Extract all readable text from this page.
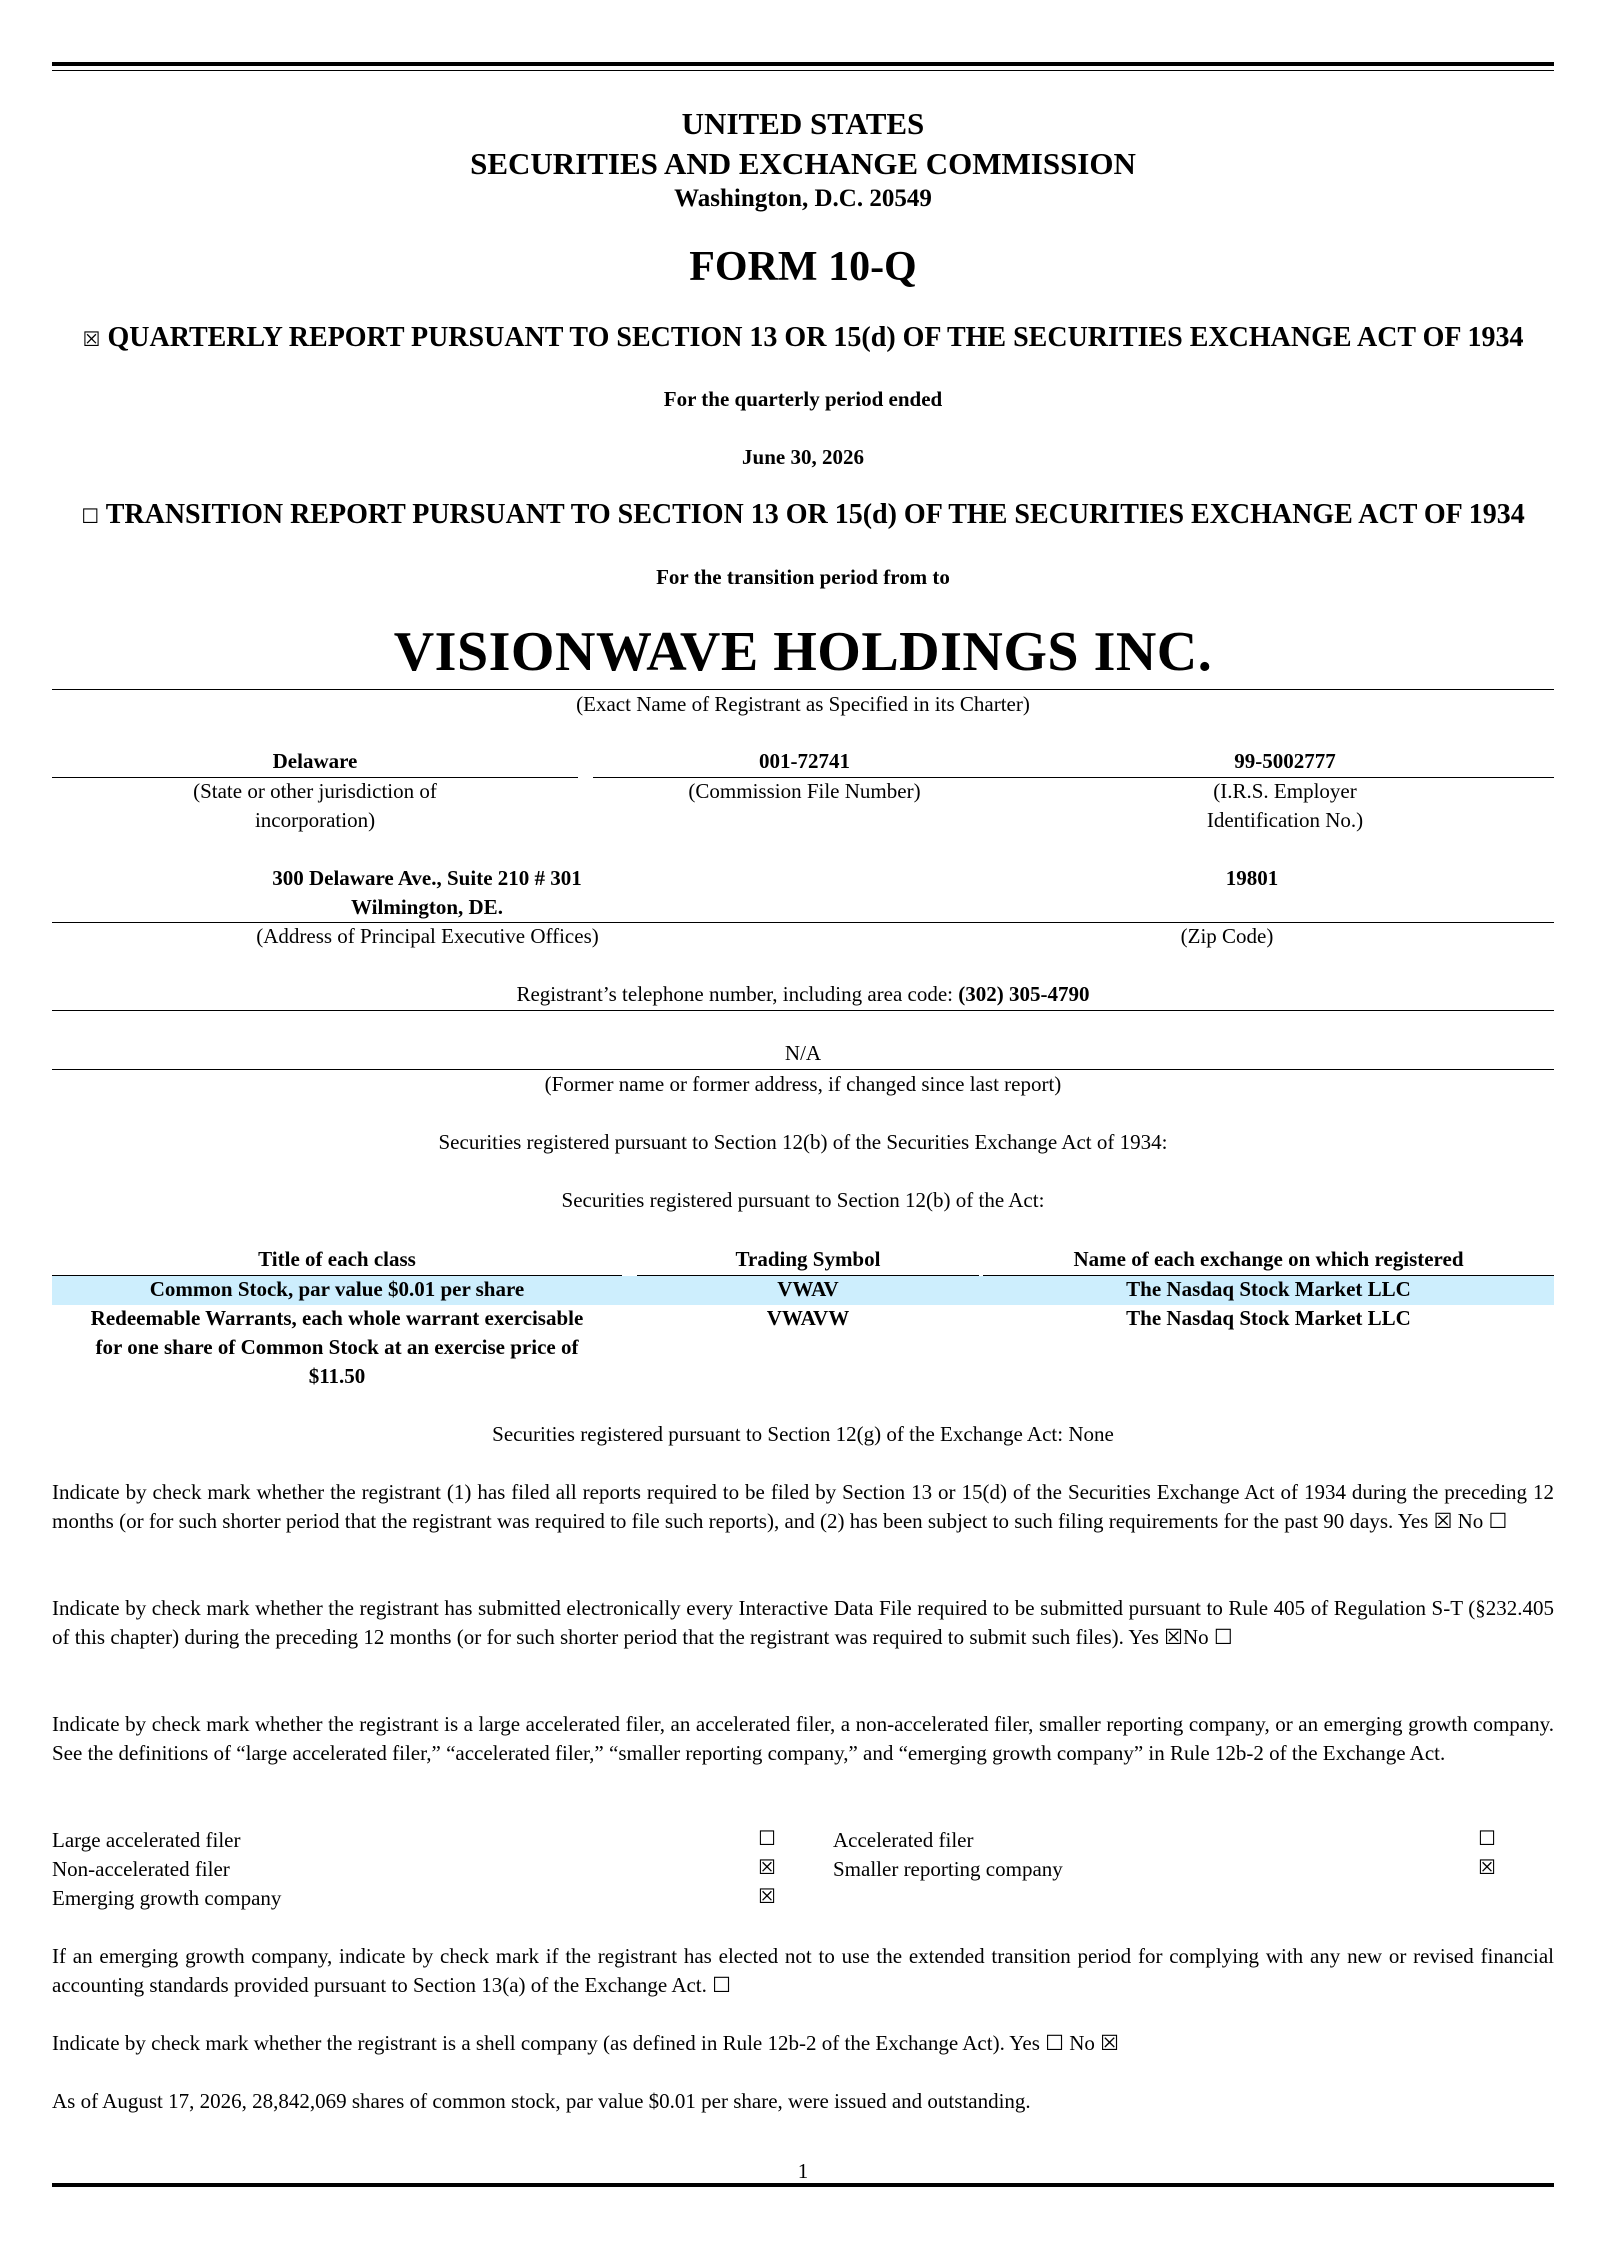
UNITED STATES
SECURITIES AND EXCHANGE COMMISSION
Washington, D.C. 20549
FORM 10-Q
☒ QUARTERLY REPORT PURSUANT TO SECTION 13 OR 15(d) OF THE SECURITIES EXCHANGE ACT OF 1934
For the quarterly period ended
June 30, 2026
☐ TRANSITION REPORT PURSUANT TO SECTION 13 OR 15(d) OF THE SECURITIES EXCHANGE ACT OF 1934
For the transition period from to
VISIONWAVE HOLDINGS INC.
(Exact Name of Registrant as Specified in its Charter)
Delaware
(State or other jurisdiction of
incorporation)
001-72741
(Commission File Number)
99-5002777
(I.R.S. Employer
Identification No.)
300 Delaware Ave., Suite 210 # 301
Wilmington, DE.
19801
(Address of Principal Executive Offices)	(Zip Code)
Registrant’s telephone number, including area code: (302) 305-4790
N/A
(Former name or former address, if changed since last report)
Securities registered pursuant to Section 12(b) of the Securities Exchange Act of 1934:
Securities registered pursuant to Section 12(b) of the Act:
Title of each class	Trading Symbol	Name of each exchange on which registered
Common Stock, par value $0.01 per share	VWAV	The Nasdaq Stock Market LLC
Redeemable Warrants, each whole warrant exercisable
for one share of Common Stock at an exercise price of
$11.50
VWAVW	The Nasdaq Stock Market LLC
Securities registered pursuant to Section 12(g) of the Exchange Act: None
Indicate by check mark whether the registrant (1) has filed all reports required to be filed by Section 13 or 15(d) of the Securities Exchange Act of 1934 during the preceding 12 months (or for such shorter period that the registrant was required to file such reports), and (2) has been subject to such filing requirements for the past 90 days. Yes ☒ No ☐
Indicate by check mark whether the registrant has submitted electronically every Interactive Data File required to be submitted pursuant to Rule 405 of Regulation S-T (§232.405 of this chapter) during the preceding 12 months (or for such shorter period that the registrant was required to submit such files). Yes ☒No ☐
Indicate by check mark whether the registrant is a large accelerated filer, an accelerated filer, a non-accelerated filer, smaller reporting company, or an emerging growth company. See the definitions of “large accelerated filer,” “accelerated filer,” “smaller reporting company,” and “emerging growth company” in Rule 12b-2 of the Exchange Act.
Large accelerated filer	☐
Non-accelerated filer	☒
Emerging growth company	☒
Accelerated filer	☐
Smaller reporting company	☒
If an emerging growth company, indicate by check mark if the registrant has elected not to use the extended transition period for complying with any new or revised financial accounting standards provided pursuant to Section 13(a) of the Exchange Act. ☐
Indicate by check mark whether the registrant is a shell company (as defined in Rule 12b-2 of the Exchange Act). Yes ☐ No ☒
As of August 17, 2026, 28,842,069 shares of common stock, par value $0.01 per share, were issued and outstanding.
1
